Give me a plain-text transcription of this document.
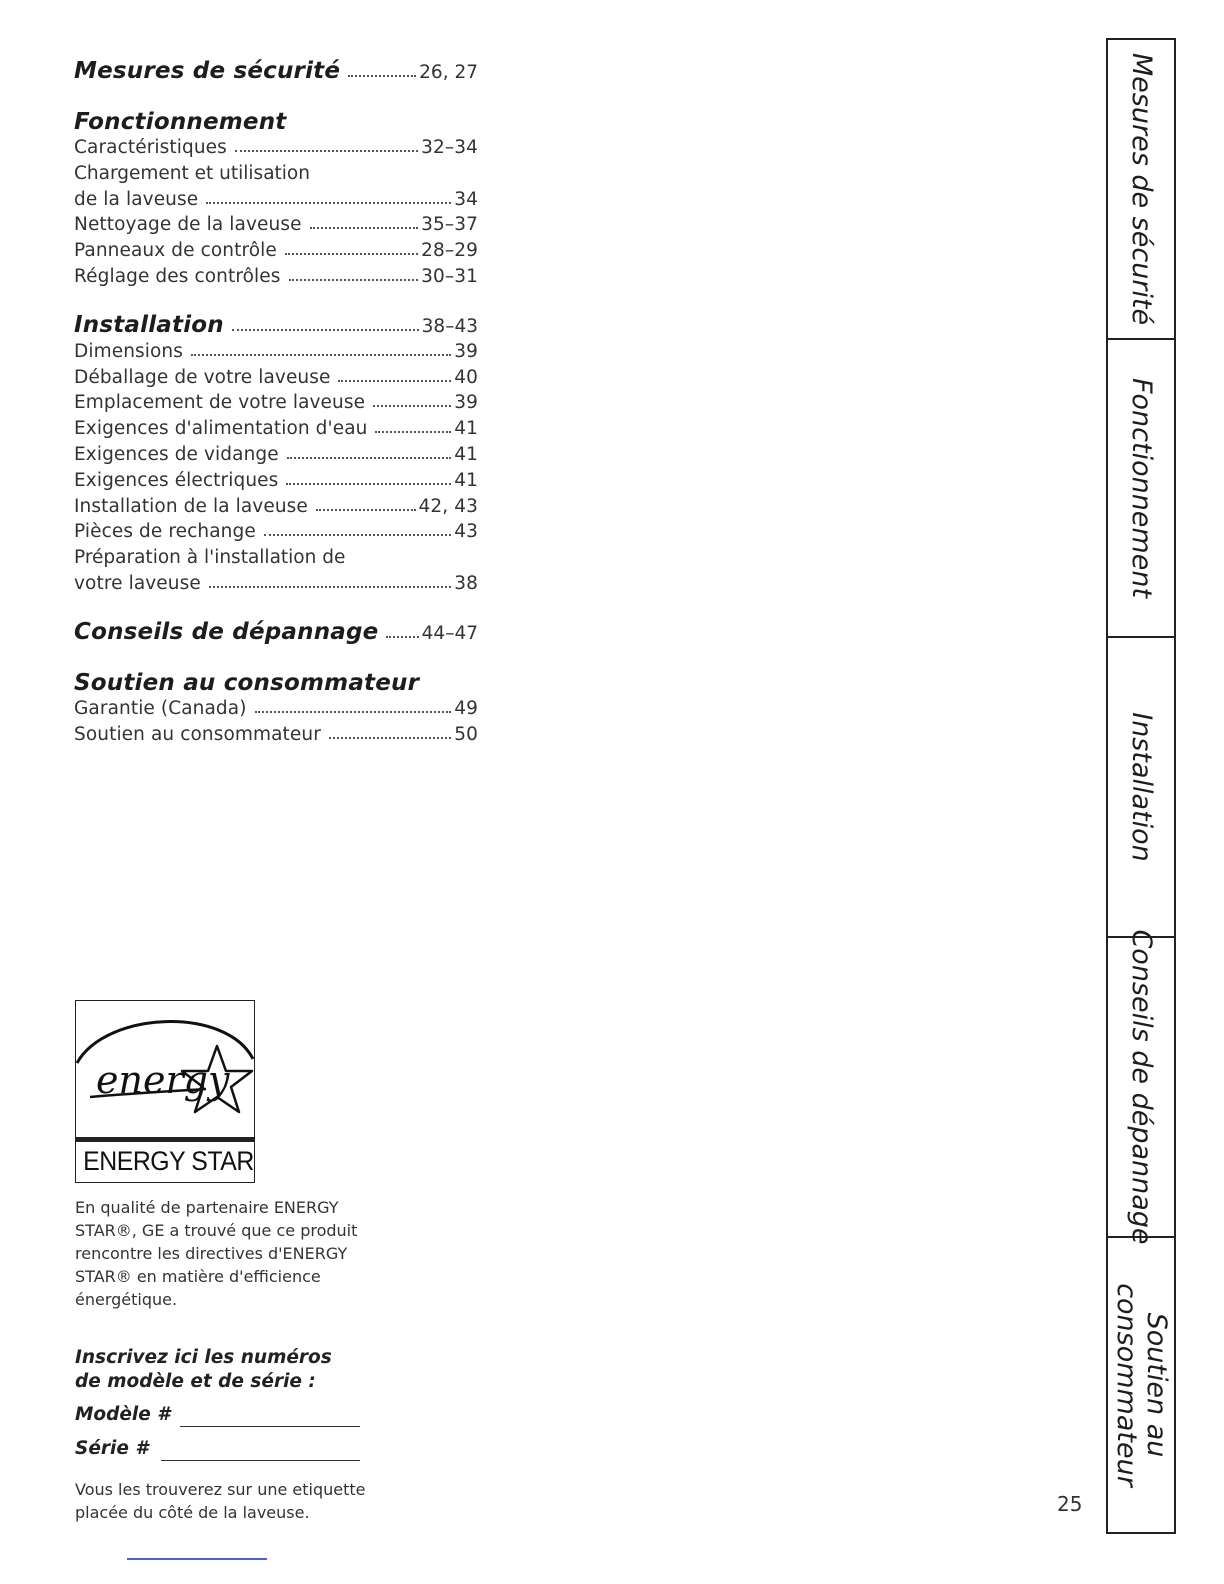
Mesures de sécurité	26, 27
Fonctionnement
Caractéristiques	32–34
Chargement et utilisation
de la laveuse	34
Nettoyage de la laveuse	35–37
Panneaux de contrôle	28–29
Réglage des contrôles	30–31
Installation	38–43
Dimensions	39
Déballage de votre laveuse	40
Emplacement de votre laveuse	39
Exigences d'alimentation d'eau	41
Exigences de vidange	41
Exigences électriques	41
Installation de la laveuse	42, 43
Pièces de rechange	43
Préparation à l'installation de
votre laveuse	38
Conseils de dépannage 44–47
Soutien au consommateur
Garantie (Canada)	49
Soutien au consommateur	50
energy
ENERGY STAR
En qualité de partenaire ENERGY
STAR®, GE a trouvé que ce produit
rencontre les directives d'ENERGY
STAR® en matière d'efficience
énergétique.
Inscrivez ici les numéros
de modèle et de série :
Modèle #
Série #
Vous les trouverez sur une etiquette
placée du côté de la laveuse.	25
Mesures de sécurité
Fonctionnement
Installation
Conseils de dépannage
Soutien au
consommateur
